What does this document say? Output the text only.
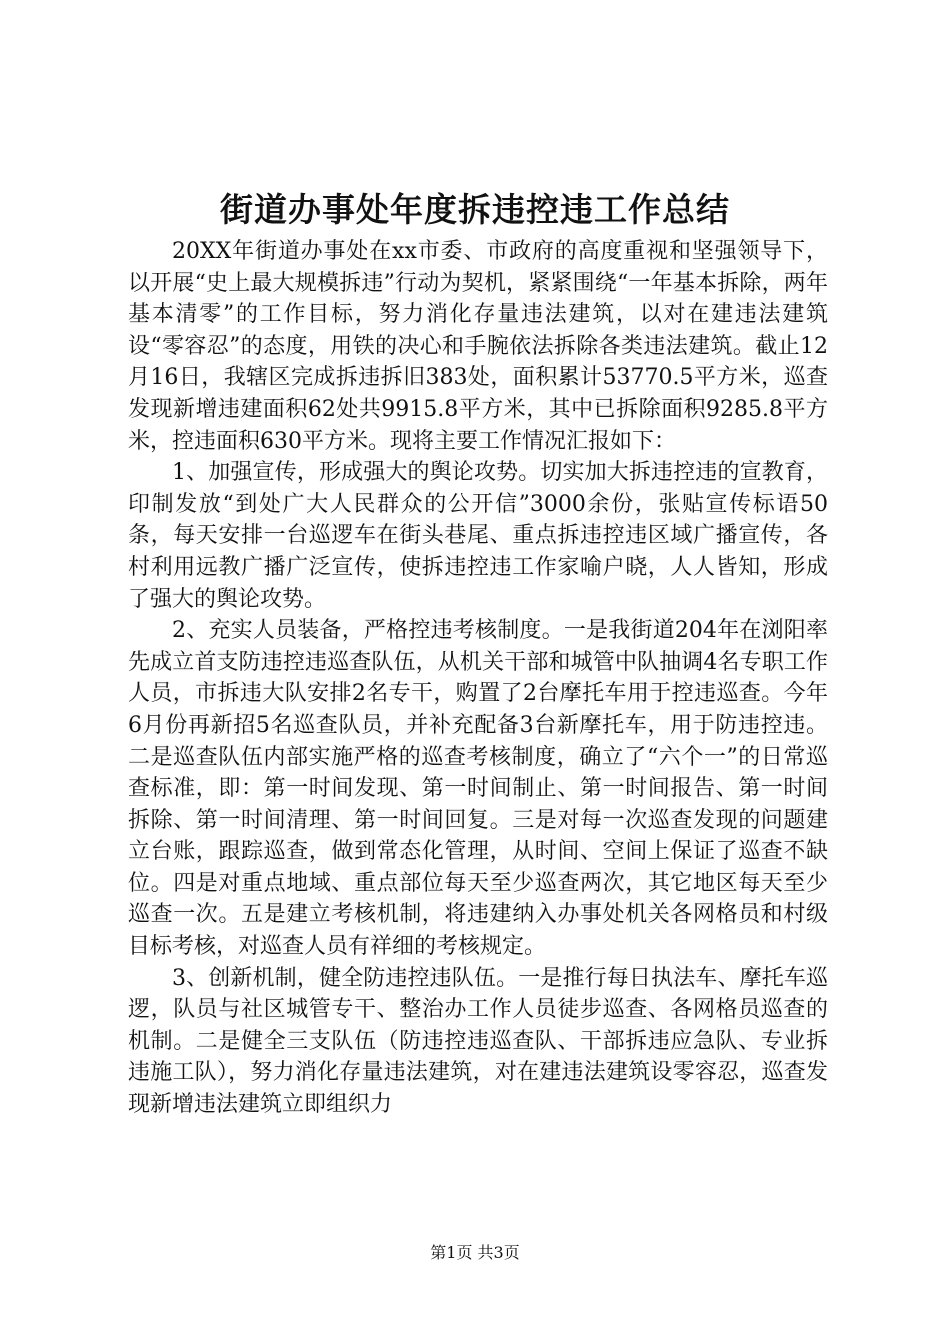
街道办事处年度拆违控违工作总结

20XX年街道办事处在xx市委、市政府的高度重视和坚强领导下，以开展“史上最大规模拆违”行动为契机，紧紧围绕“一年基本拆除，两年基本清零”的工作目标，努力消化存量违法建筑，以对在建违法建筑设“零容忍”的态度，用铁的决心和手腕依法拆除各类违法建筑。截止12月16日，我辖区完成拆违拆旧383处，面积累计53770.5平方米，巡查发现新增违建面积62处共9915.8平方米，其中已拆除面积9285.8平方米，控违面积630平方米。现将主要工作情况汇报如下：

1、加强宣传，形成强大的舆论攻势。切实加大拆违控违的宣教育，印制发放“到处广大人民群众的公开信”3000余份，张贴宣传标语50条，每天安排一台巡逻车在街头巷尾、重点拆违控违区域广播宣传，各村利用远教广播广泛宣传，使拆违控违工作家喻户晓，人人皆知，形成了强大的舆论攻势。

2、充实人员装备，严格控违考核制度。一是我街道204年在浏阳率先成立首支防违控违巡查队伍，从机关干部和城管中队抽调4名专职工作人员，市拆违大队安排2名专干，购置了2台摩托车用于控违巡查。今年6月份再新招5名巡查队员，并补充配备3台新摩托车，用于防违控违。二是巡查队伍内部实施严格的巡查考核制度，确立了“六个一”的日常巡查标准，即：第一时间发现、第一时间制止、第一时间报告、第一时间拆除、第一时间清理、第一时间回复。三是对每一次巡查发现的问题建立台账，跟踪巡查，做到常态化管理，从时间、空间上保证了巡查不缺位。四是对重点地域、重点部位每天至少巡查两次，其它地区每天至少巡查一次。五是建立考核机制，将违建纳入办事处机关各网格员和村级目标考核，对巡查人员有祥细的考核规定。

3、创新机制，健全防违控违队伍。一是推行每日执法车、摩托车巡逻，队员与社区城管专干、整治办工作人员徒步巡查、各网格员巡查的机制。二是健全三支队伍（防违控违巡查队、干部拆违应急队、专业拆违施工队），努力消化存量违法建筑，对在建违法建筑设零容忍，巡查发现新增违法建筑立即组织力

第1页 共3页
